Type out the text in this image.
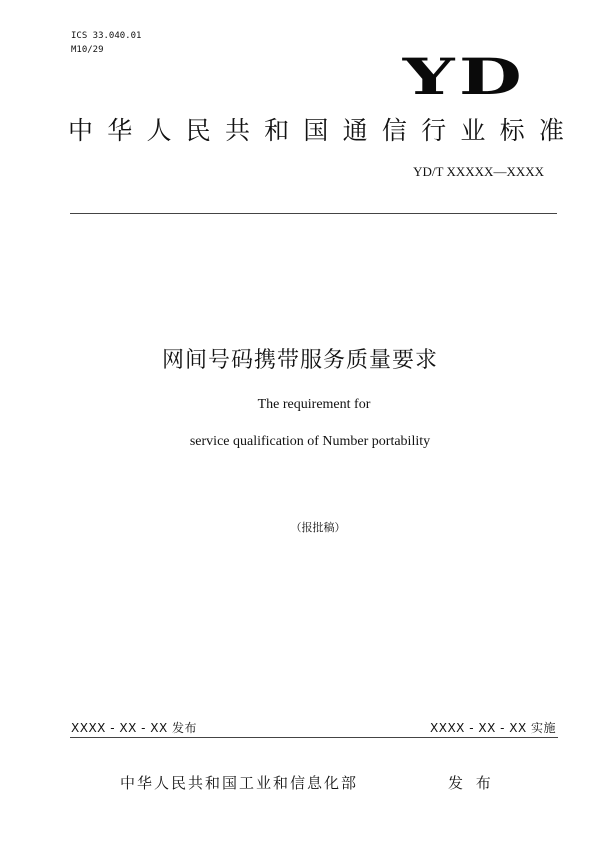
ICS 33.040.01
M10/29	YD
中 华 人 民 共 和 国 通 信 行 业 标 准
YD/T XXXXX—XXXX
网间号码携带服务质量要求
The requirement for
service qualification of Number portability
（报批稿）
XXXX - XX - XX 发布	XXXX - XX - XX 实施
中华人民共和国工业和信息化部	发 布
